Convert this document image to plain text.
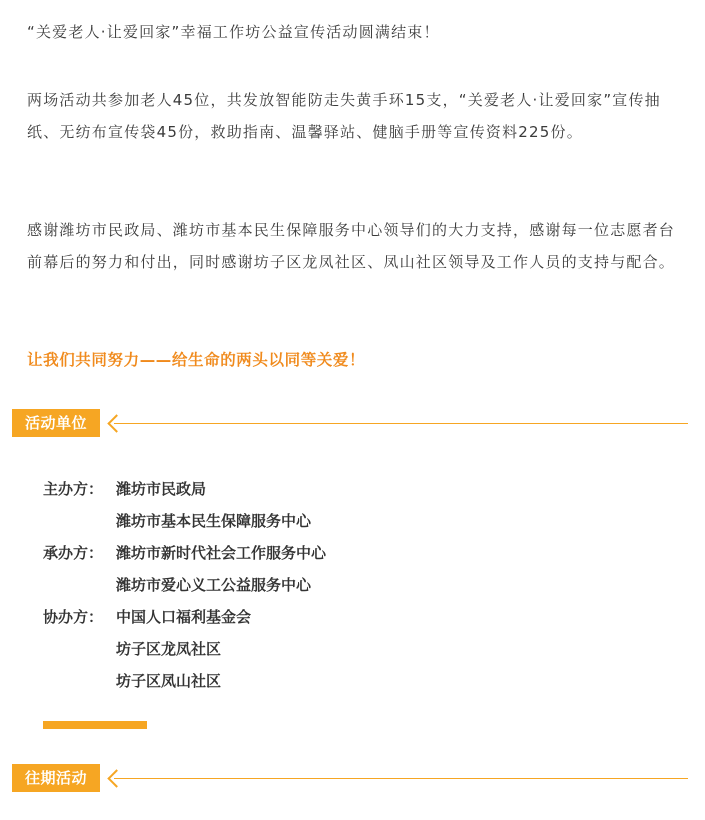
“关爱老人·让爱回家”幸福工作坊公益宣传活动圆满结束！

两场活动共参加老人45位，共发放智能防走失黄手环15支，“关爱老人·让爱回家”宣传抽纸、无纺布宣传袋45份，救助指南、温馨驿站、健脑手册等宣传资料225份。

感谢潍坊市民政局、潍坊市基本民生保障服务中心领导们的大力支持，感谢每一位志愿者台前幕后的努力和付出，同时感谢坊子区龙凤社区、凤山社区领导及工作人员的支持与配合。

让我们共同努力——给生命的两头以同等关爱！

活动单位
主办方： 潍坊市民政局
潍坊市基本民生保障服务中心
承办方： 潍坊市新时代社会工作服务中心
潍坊市爱心义工公益服务中心
协办方： 中国人口福利基金会
坊子区龙凤社区
坊子区凤山社区
往期活动
